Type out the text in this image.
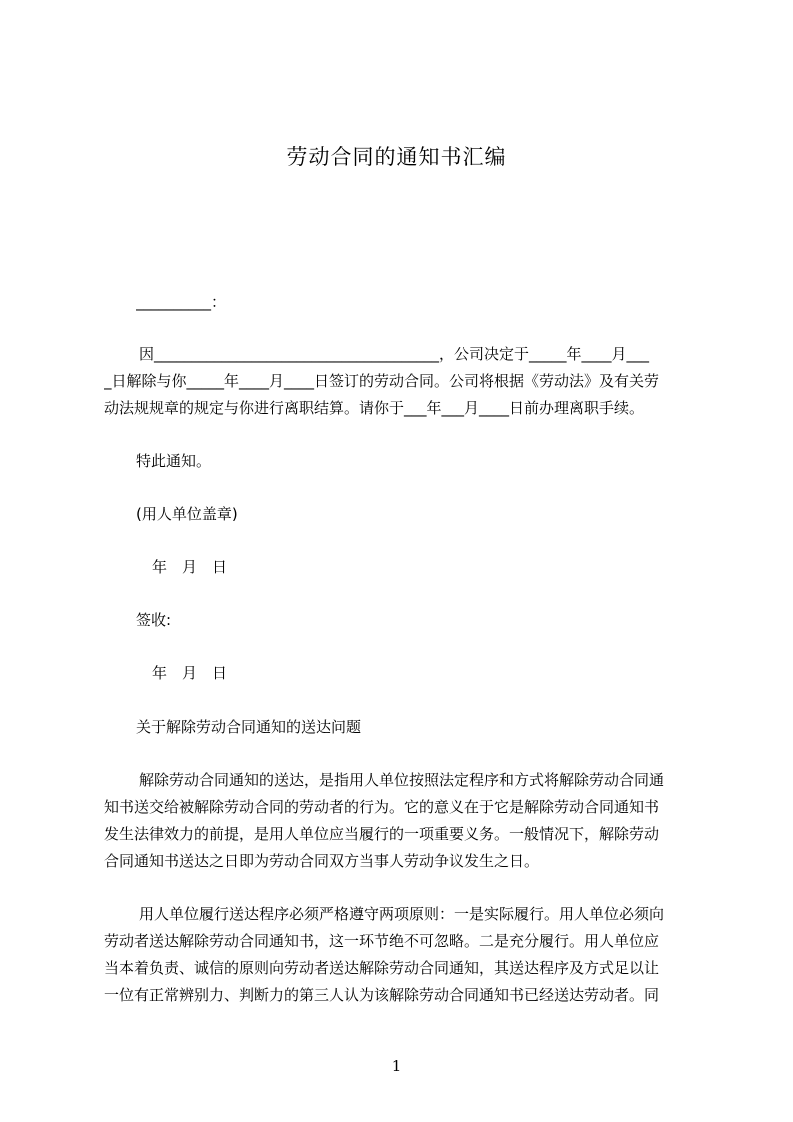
劳动合同的通知书汇编
__________：
因______________________________________，公司决定于_____年____月___
_日解除与你_____年____月____日签订的劳动合同。公司将根据《劳动法》及有关劳
动法规规章的规定与你进行离职结算。请你于___年___月____日前办理离职手续。
特此通知。
(用人单位盖章)
年　月　日
签收:
年　月　日
关于解除劳动合同通知的送达问题
解除劳动合同通知的送达，是指用人单位按照法定程序和方式将解除劳动合同通
知书送交给被解除劳动合同的劳动者的行为。它的意义在于它是解除劳动合同通知书
发生法律效力的前提，是用人单位应当履行的一项重要义务。一般情况下，解除劳动
合同通知书送达之日即为劳动合同双方当事人劳动争议发生之日。
用人单位履行送达程序必须严格遵守两项原则：一是实际履行。用人单位必须向
劳动者送达解除劳动合同通知书，这一环节绝不可忽略。二是充分履行。用人单位应
当本着负责、诚信的原则向劳动者送达解除劳动合同通知，其送达程序及方式足以让
一位有正常辨别力、判断力的第三人认为该解除劳动合同通知书已经送达劳动者。同
1
